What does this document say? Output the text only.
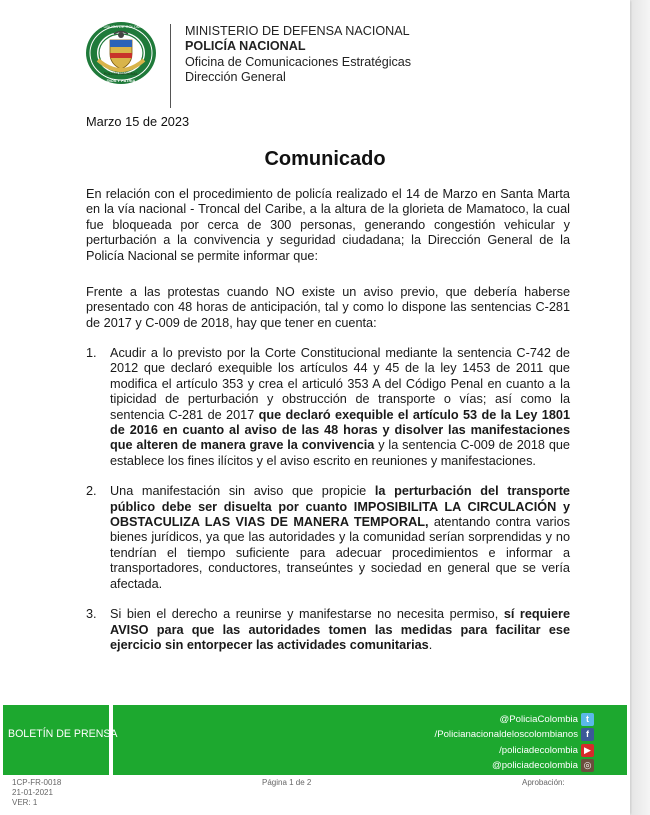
REPÚBLICA DE COLOMBIA
POLICÍA NACIONAL
DIOS Y PATRIA
MINISTERIO DE DEFENSA NACIONAL
POLICÍA NACIONAL
Oficina de Comunicaciones Estratégicas
Dirección General
Marzo 15 de 2023
Comunicado
En relación con el procedimiento de policía realizado el 14 de Marzo en Santa Marta en la vía nacional - Troncal del Caribe, a la altura de la glorieta de Mamatoco, la cual fue bloqueada por cerca de 300 personas, generando congestión vehicular y perturbación a la convivencia y seguridad ciudadana; la Dirección General de la Policía Nacional se permite informar que:
Frente a las protestas cuando NO existe un aviso previo, que debería haberse presentado con 48 horas de anticipación, tal y como lo dispone las sentencias C-281 de 2017 y C-009 de 2018, hay que tener en cuenta:
1. Acudir a lo previsto por la Corte Constitucional mediante la sentencia C-742 de 2012 que declaró exequible los artículos 44 y 45 de la ley 1453 de 2011 que modifica el artículo 353 y crea el articuló 353 A del Código Penal en cuanto a la tipicidad de perturbación y obstrucción de transporte o vías; así como la sentencia C-281 de 2017 que declaró exequible el artículo 53 de la Ley 1801 de 2016 en cuanto al aviso de las 48 horas y disolver las manifestaciones que alteren de manera grave la convivencia y la sentencia C-009 de 2018 que establece los fines ilícitos y el aviso escrito en reuniones y manifestaciones.
2. Una manifestación sin aviso que propicie la perturbación del transporte público debe ser disuelta por cuanto IMPOSIBILITA LA CIRCULACIÓN y OBSTACULIZA LAS VIAS DE MANERA TEMPORAL, atentando contra varios bienes jurídicos, ya que las autoridades y la comunidad serían sorprendidas y no tendrían el tiempo suficiente para adecuar procedimientos e informar a transportadores, conductores, transeúntes y sociedad en general que se vería afectada.
3. Si bien el derecho a reunirse y manifestarse no necesita permiso, sí requiere AVISO para que las autoridades tomen las medidas para facilitar ese ejercicio sin entorpecer las actividades comunitarias.
BOLETÍN DE PRENSA
@PoliciaColombia t
/Policianacionaldeloscolombianos f
/policiadecolombia ▶
@policiadecolombia ◎
1CP-FR-0018
21-01-2021
VER: 1
Página 1 de 2	Aprobación:
